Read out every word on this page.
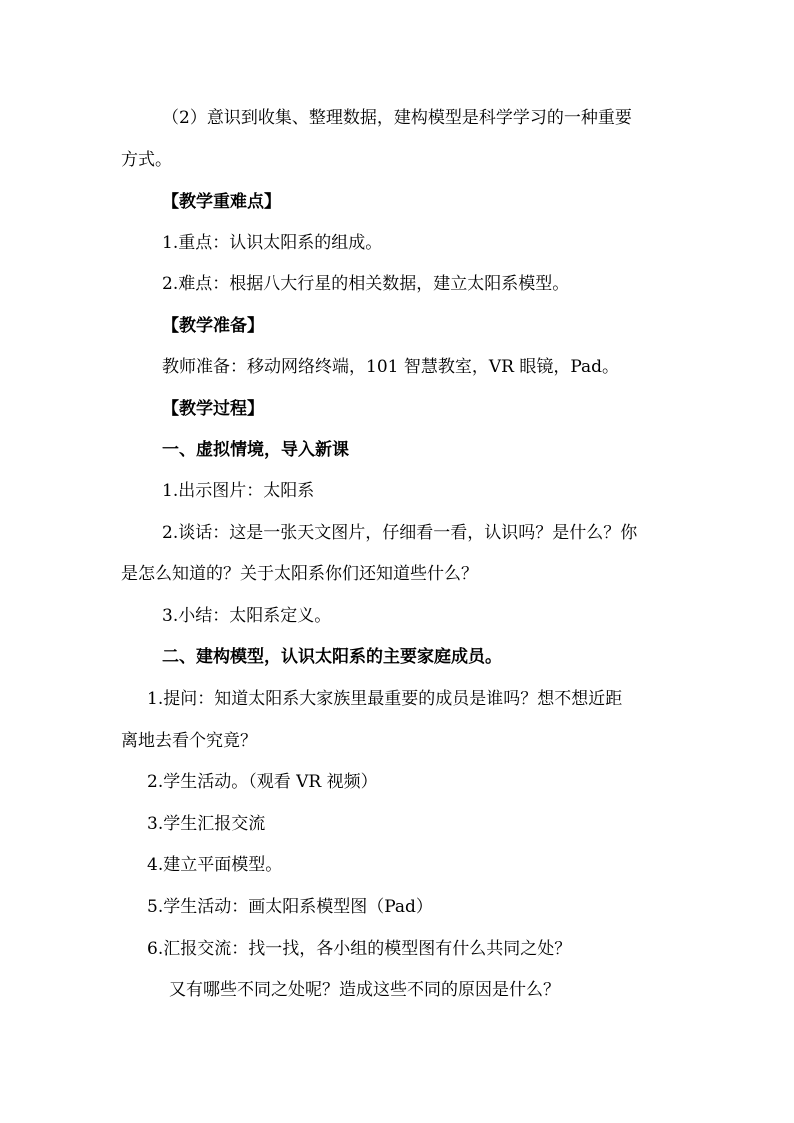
（2）意识到收集、整理数据，建构模型是科学学习的一种重要
方式。
【教学重难点】
1.重点：认识太阳系的组成。
2.难点：根据八大行星的相关数据，建立太阳系模型。
【教学准备】
教师准备：移动网络终端，101 智慧教室，VR 眼镜，Pad。
【教学过程】
一、虚拟情境，导入新课
1.出示图片：太阳系
2.谈话：这是一张天文图片，仔细看一看，认识吗？是什么？你
是怎么知道的？关于太阳系你们还知道些什么？
3.小结：太阳系定义。
二、建构模型，认识太阳系的主要家庭成员。
1.提问：知道太阳系大家族里最重要的成员是谁吗？想不想近距
离地去看个究竟？
2.学生活动。（观看 VR 视频）
3.学生汇报交流
4.建立平面模型。
5.学生活动：画太阳系模型图（Pad）
6.汇报交流：找一找，各小组的模型图有什么共同之处？
又有哪些不同之处呢？造成这些不同的原因是什么？
